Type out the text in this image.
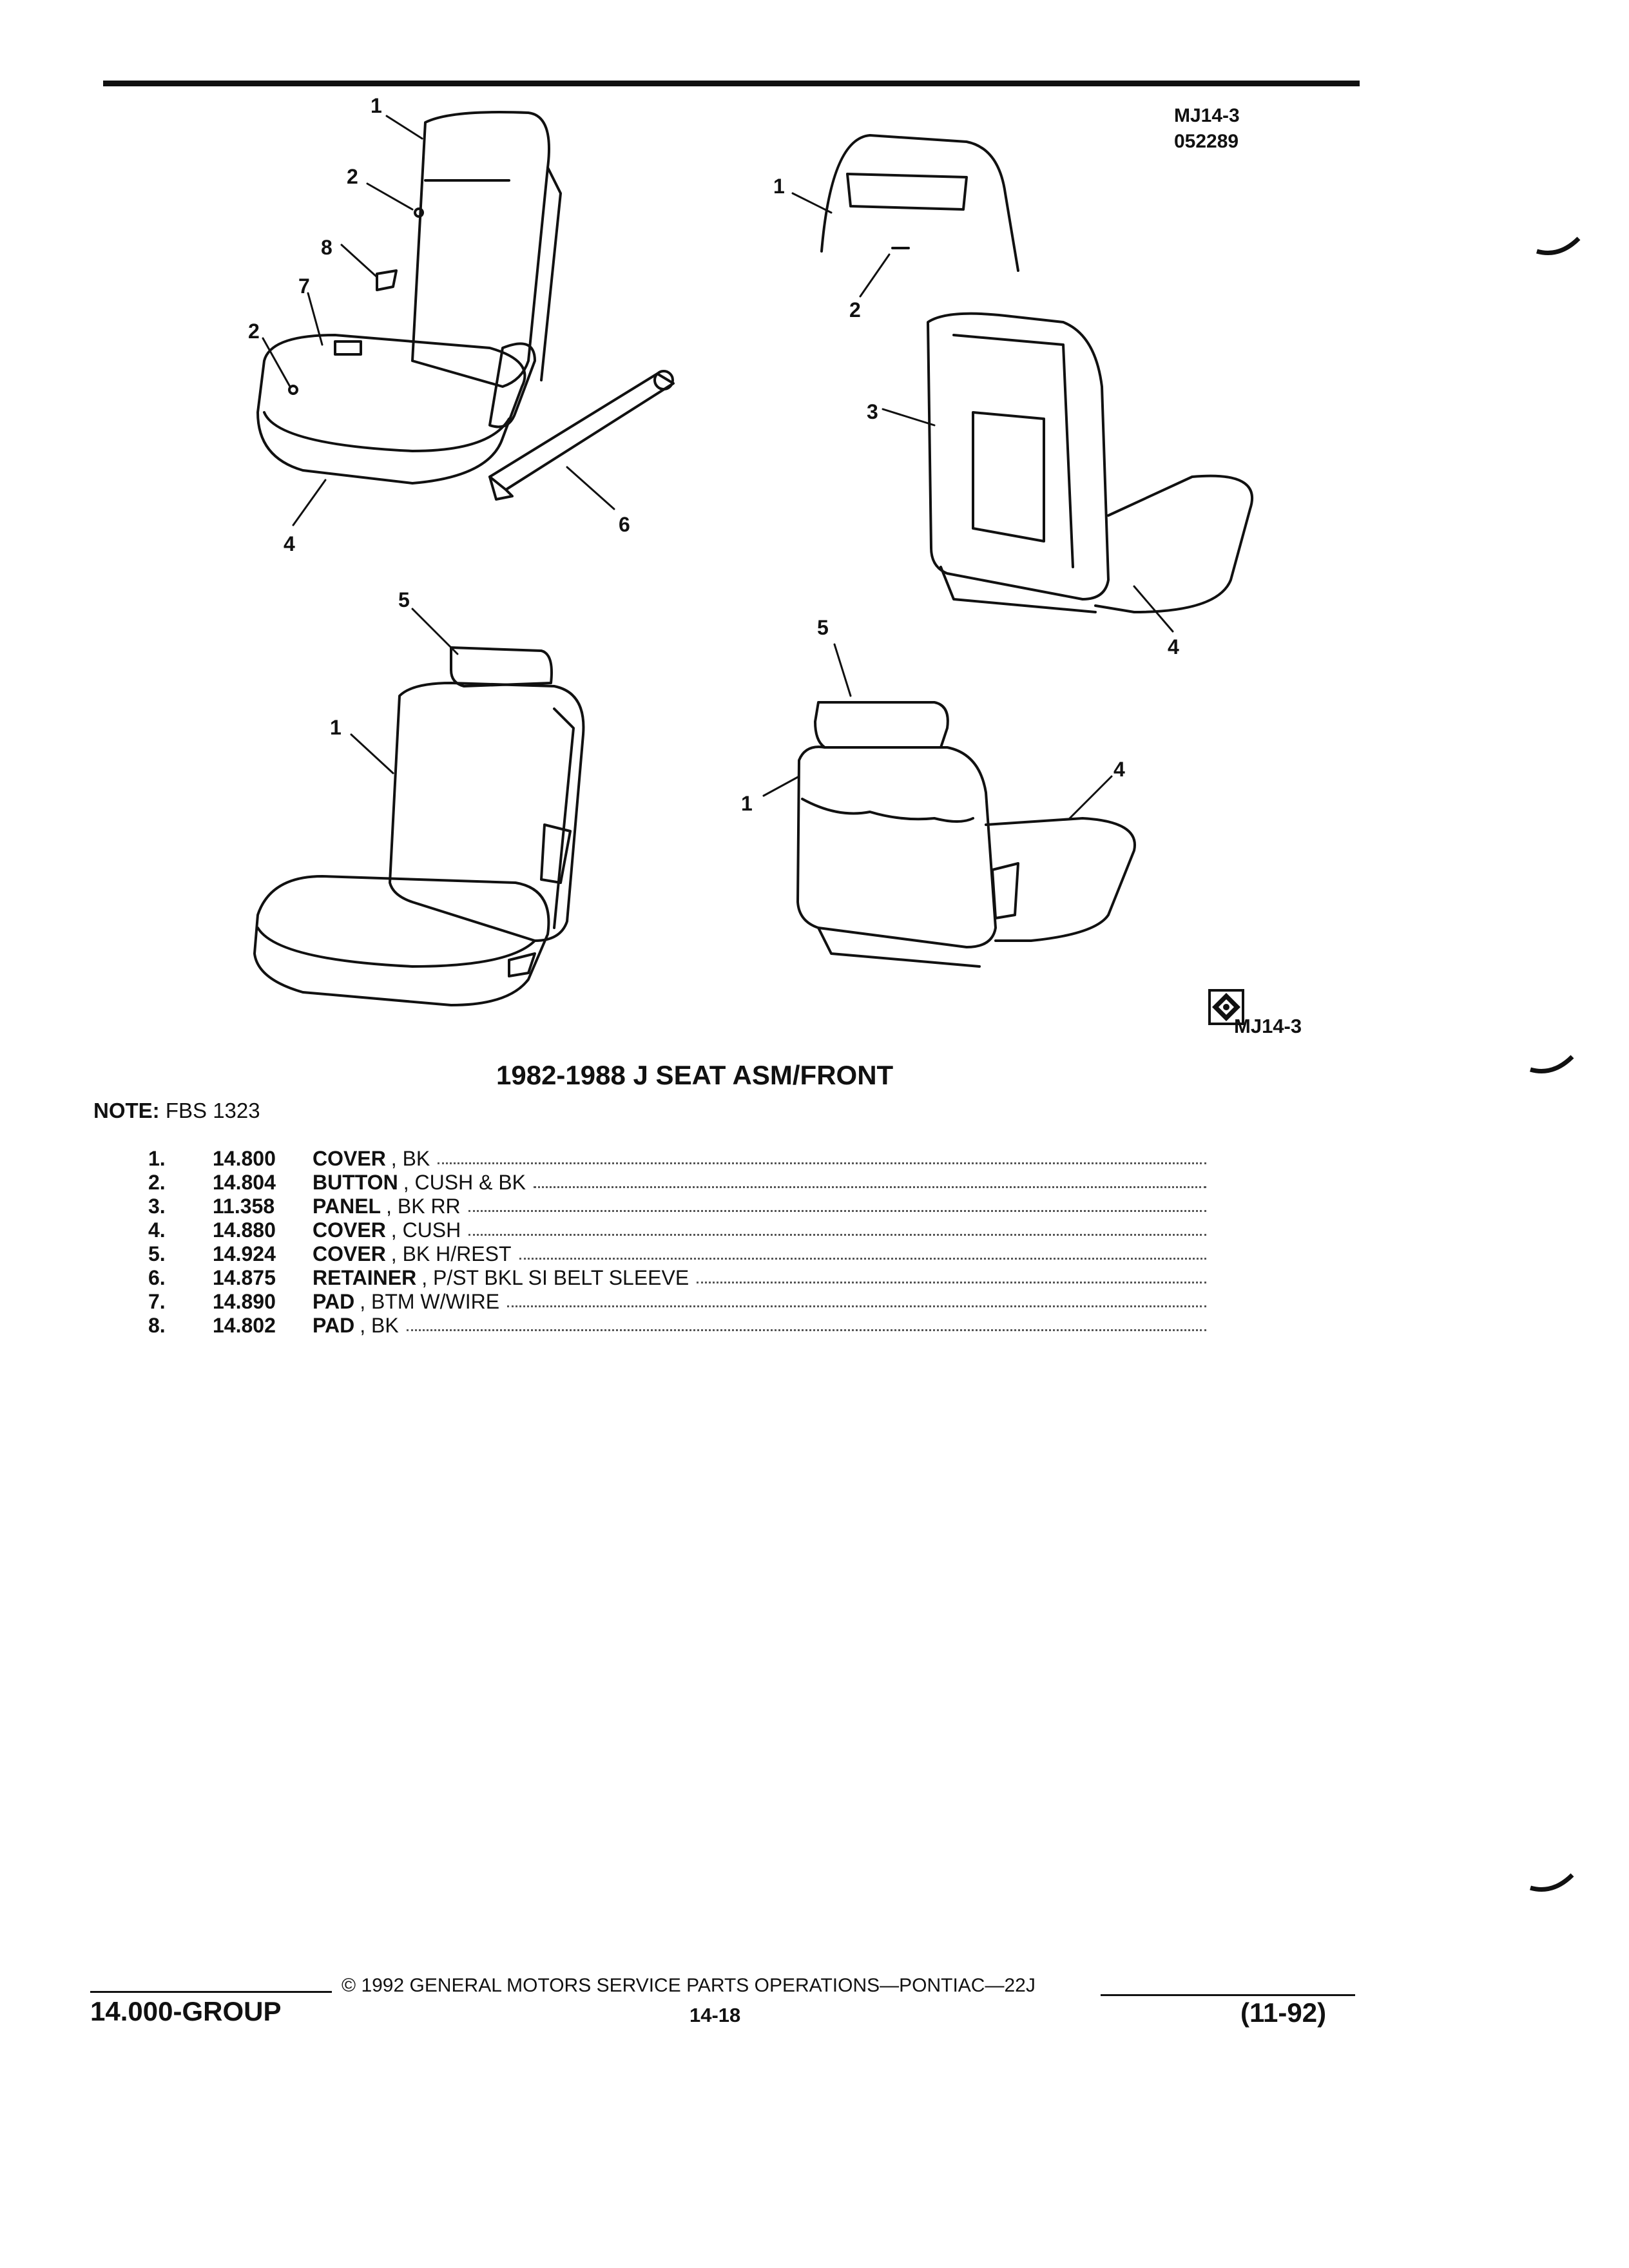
MJ14-3
052289
1
2
8
7
2
4
6
1
2
3
4
5
1
5
1
4
MJ14-3
1982-1988 J SEAT ASM/FRONT
NOTE: FBS 1323
1.	14.800	COVER , BK
2.	14.804	BUTTON , CUSH & BK
3.	11.358	PANEL , BK RR
4.	14.880	COVER , CUSH
5.	14.924	COVER , BK H/REST
6.	14.875	RETAINER , P/ST BKL SI BELT SLEEVE
7.	14.890	PAD , BTM W/WIRE
8.	14.802	PAD , BK
© 1992 GENERAL MOTORS SERVICE PARTS OPERATIONS—PONTIAC—22J
14.000-GROUP	14-18	(11-92)
